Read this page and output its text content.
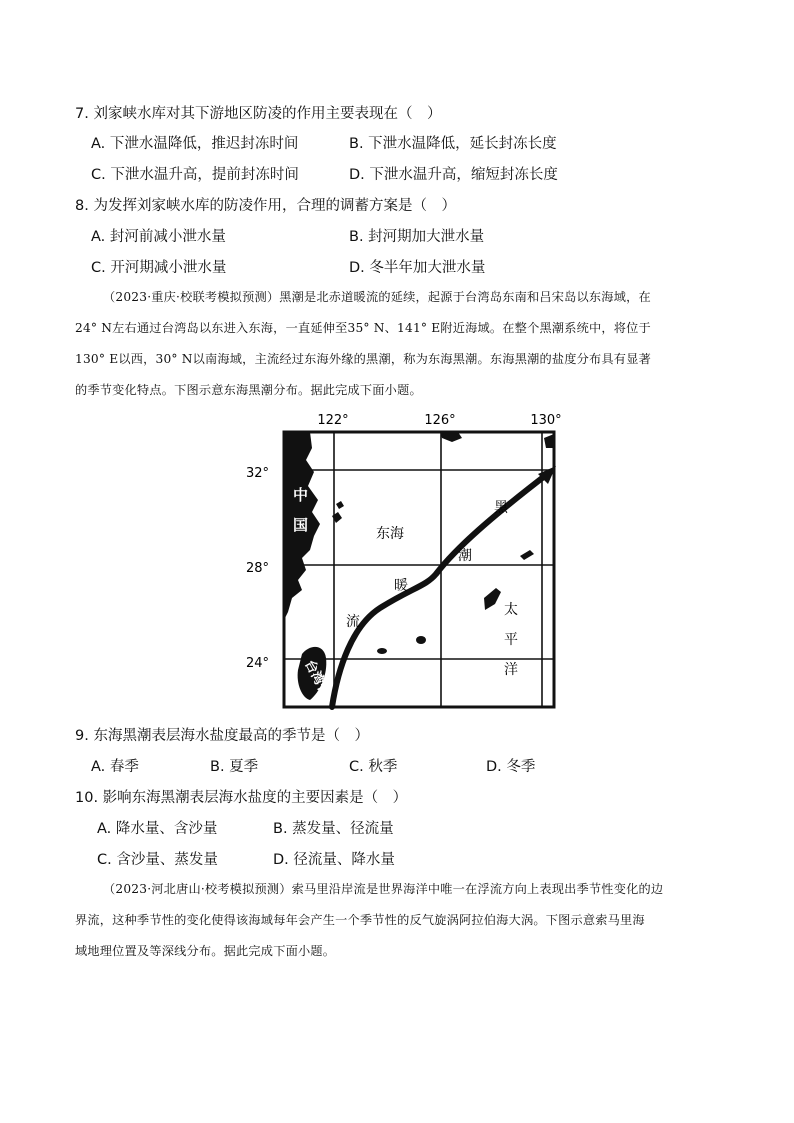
7. 刘家峡水库对其下游地区防凌的作用主要表现在（　）
A. 下泄水温降低，推迟封冻时间	B. 下泄水温降低，延长封冻长度
C. 下泄水温升高，提前封冻时间	D. 下泄水温升高，缩短封冻长度
8. 为发挥刘家峡水库的防凌作用，合理的调蓄方案是（　）
A. 封河前减小泄水量	B. 封河期加大泄水量
C. 开河期减小泄水量	D. 冬半年加大泄水量
（2023·重庆·校联考模拟预测）黑潮是北赤道暖流的延续，起源于台湾岛东南和吕宋岛以东海域，在
24° N左右通过台湾岛以东进入东海，一直延伸至35° N、141° E附近海域。在整个黑潮系统中，将位于
130° E以西，30° N以南海域，主流经过东海外缘的黑潮，称为东海黑潮。东海黑潮的盐度分布具有显著
的季节变化特点。下图示意东海黑潮分布。据此完成下面小题。
122°	126°	130°
32°
28°
24° 台湾省
中
国	东海
黑
潮
暖
流
太
平
洋
9. 东海黑潮表层海水盐度最高的季节是（　）
A. 春季	B. 夏季	C. 秋季	D. 冬季
10. 影响东海黑潮表层海水盐度的主要因素是（　）
A. 降水量、含沙量	B. 蒸发量、径流量
C. 含沙量、蒸发量	D. 径流量、降水量
（2023·河北唐山·校考模拟预测）索马里沿岸流是世界海洋中唯一在浮流方向上表现出季节性变化的边
界流，这种季节性的变化使得该海域每年会产生一个季节性的反气旋涡阿拉伯海大涡。下图示意索马里海
域地理位置及等深线分布。据此完成下面小题。
